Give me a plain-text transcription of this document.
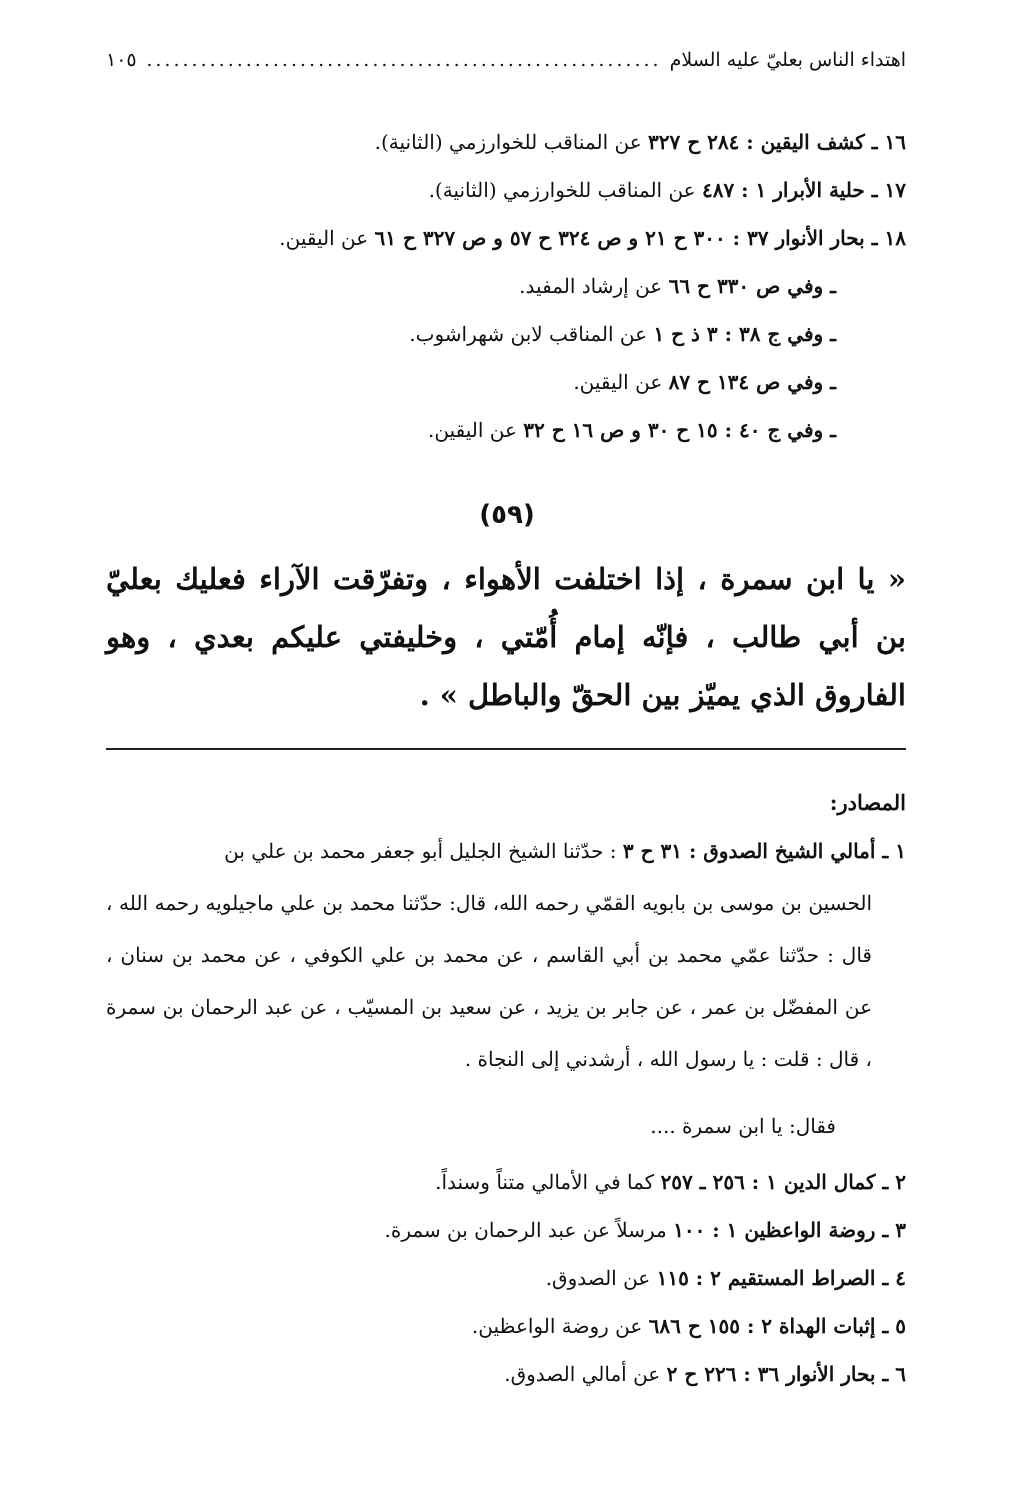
اهتداء الناس بعليّ عليه السلام
.....
١٠٥
١٦ ـ كشف اليقين : ٢٨٤ ح ٣٢٧ عن المناقب للخوارزمي (الثانية).
١٧ ـ حلية الأبرار ١ : ٤٨٧ عن المناقب للخوارزمي (الثانية).
١٨ ـ بحار الأنوار ٣٧ : ٣٠٠ ح ٢١ و ص ٣٢٤ ح ٥٧ و ص ٣٢٧ ح ٦١ عن اليقين.
ـ وفي ص ٣٣٠ ح ٦٦ عن إرشاد المفيد.
ـ وفي ج ٣٨ : ٣ ذ ح ١ عن المناقب لابن شهراشوب.
ـ وفي ص ١٣٤ ح ٨٧ عن اليقين.
ـ وفي ج ٤٠ : ١٥ ح ٣٠ و ص ١٦ ح ٣٢ عن اليقين.
(٥٩)
« يا ابن سمرة ، إذا اختلفت الأهواء ، وتفرّقت الآراء فعليك بعليّ بن أبي طالب ، فإنّه إمام أُمّتي ، وخليفتي عليكم بعدي ، وهو الفاروق الذي يميّز بين الحقّ والباطل » .
المصادر:
١ ـ أمالي الشيخ الصدوق : ٣١ ح ٣ : حدّثنا الشيخ الجليل أبو جعفر محمد بن علي بن
الحسين بن موسى بن بابويه القمّي رحمه الله، قال: حدّثنا محمد بن علي ماجيلويه رحمه الله ، قال : حدّثنا عمّي محمد بن أبي القاسم ، عن محمد بن علي الكوفي ، عن محمد بن سنان ، عن المفضّل بن عمر ، عن جابر بن يزيد ، عن سعيد بن المسيّب ، عن عبد الرحمان بن سمرة ، قال : قلت : يا رسول الله ، أرشدني إلى النجاة .
فقال: يا ابن سمرة ....
٢ ـ كمال الدين ١ : ٢٥٦ ـ ٢٥٧ كما في الأمالي متناً وسنداً.
٣ ـ روضة الواعظين ١ : ١٠٠ مرسلاً عن عبد الرحمان بن سمرة.
٤ ـ الصراط المستقيم ٢ : ١١٥ عن الصدوق.
٥ ـ إثبات الهداة ٢ : ١٥٥ ح ٦٨٦ عن روضة الواعظين.
٦ ـ بحار الأنوار ٣٦ : ٢٢٦ ح ٢ عن أمالي الصدوق.
